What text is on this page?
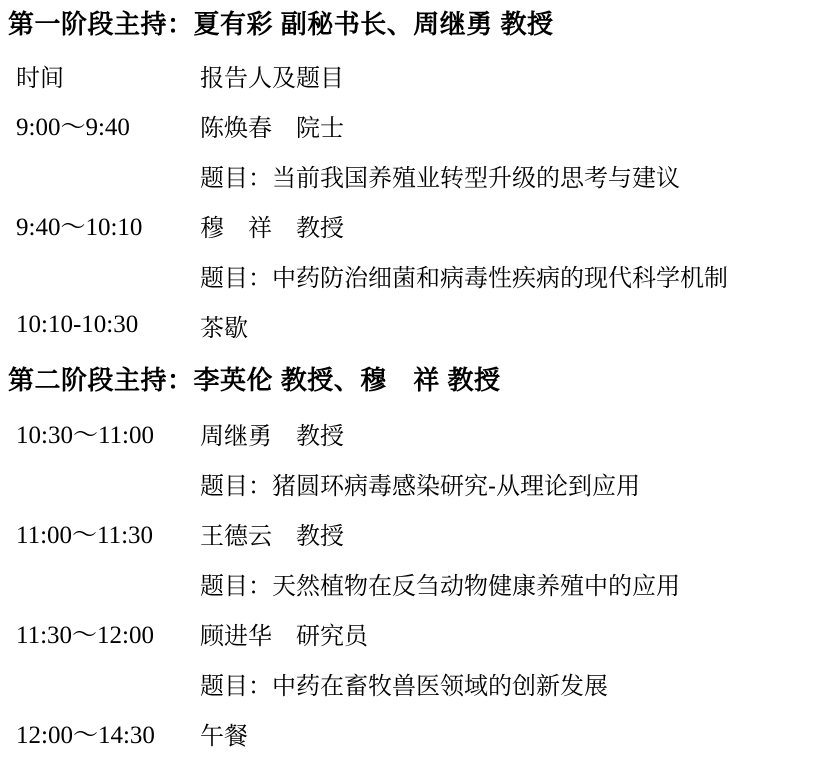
第一阶段主持：夏有彩 副秘书长、周继勇 教授
时间	报告人及题目
9:00～9:40	陈焕春　院士
题目：当前我国养殖业转型升级的思考与建议
9:40～10:10	穆　祥　教授
题目：中药防治细菌和病毒性疾病的现代科学机制
10:10-10:30	茶歇
第二阶段主持：李英伦 教授、穆　祥 教授
10:30～11:00	周继勇　教授
题目：猪圆环病毒感染研究-从理论到应用
11:00～11:30	王德云　教授
题目：天然植物在反刍动物健康养殖中的应用
11:30～12:00	顾进华　研究员
题目：中药在畜牧兽医领域的创新发展
12:00～14:30	午餐
